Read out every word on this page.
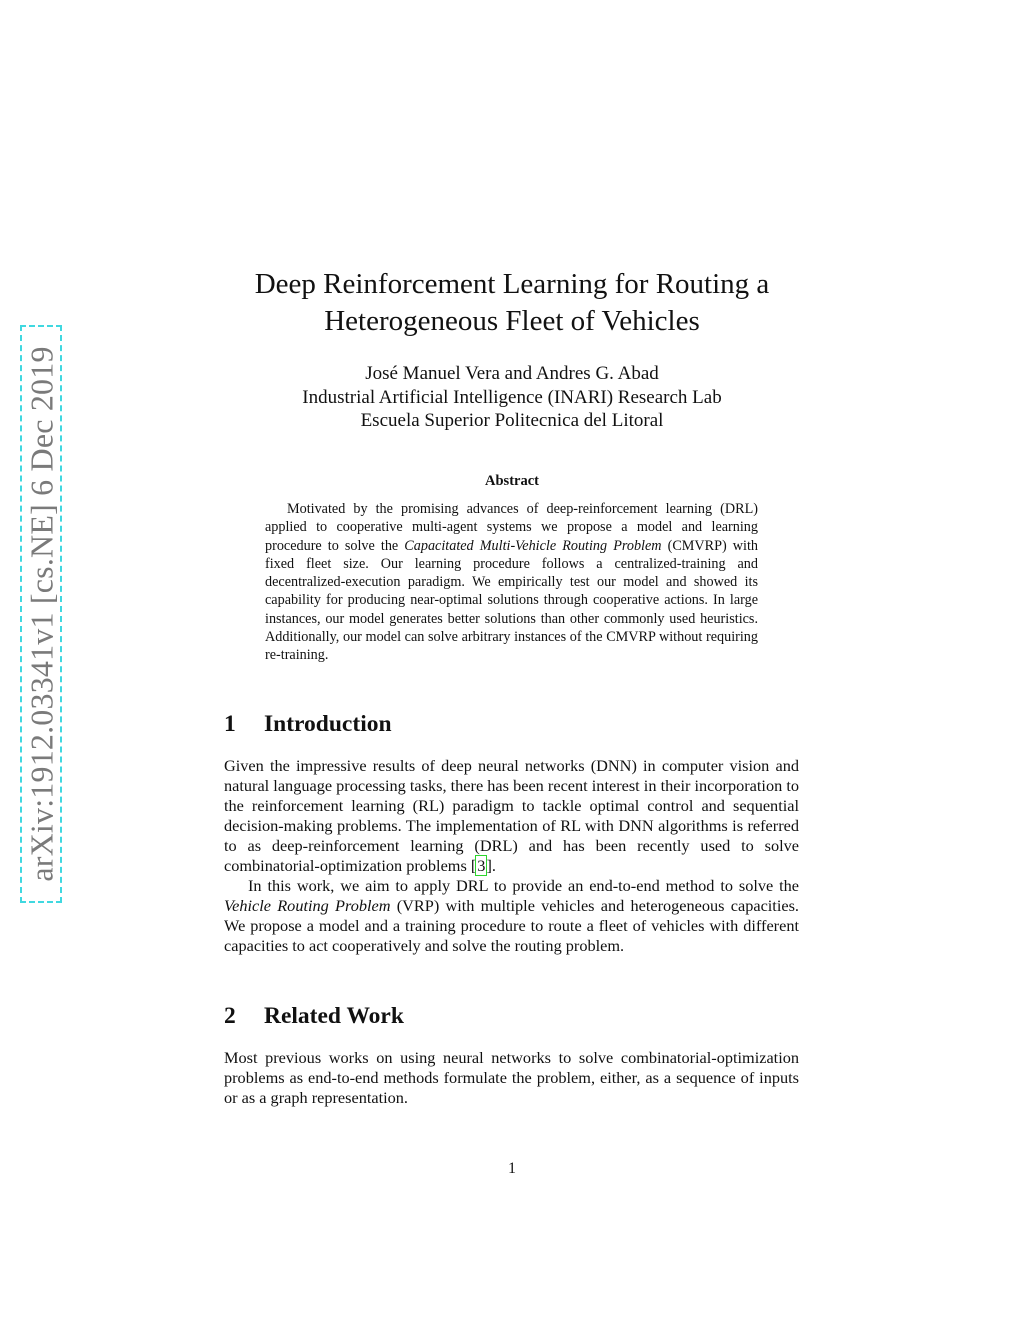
arXiv:1912.03341v1 [cs.NE] 6 Dec 2019
Deep Reinforcement Learning for Routing a
Heterogeneous Fleet of Vehicles
José Manuel Vera and Andres G. Abad
Industrial Artificial Intelligence (INARI) Research Lab
Escuela Superior Politecnica del Litoral
Abstract

Motivated by the promising advances of deep-reinforcement learning (DRL) applied to cooperative multi-agent systems we propose a model and learning procedure to solve the Capacitated Multi-Vehicle Routing Problem (CMVRP) with fixed fleet size. Our learning procedure follows a centralized-training and decentralized-execution paradigm. We empirically test our model and showed its capability for producing near-optimal solutions through cooperative actions. In large instances, our model generates better solutions than other commonly used heuristics. Additionally, our model can solve arbitrary instances of the CMVRP without requiring re-training.

1	Introduction

Given the impressive results of deep neural networks (DNN) in computer vision and natural language processing tasks, there has been recent interest in their incorporation to the reinforcement learning (RL) paradigm to tackle optimal control and sequential decision-making problems. The implementation of RL with DNN algorithms is referred to as deep-reinforcement learning (DRL) and has been recently used to solve combinatorial-optimization problems [3].

In this work, we aim to apply DRL to provide an end-to-end method to solve the Vehicle Routing Problem (VRP) with multiple vehicles and heterogeneous capacities. We propose a model and a training procedure to route a fleet of vehicles with different capacities to act cooperatively and solve the routing problem.

2	Related Work

Most previous works on using neural networks to solve combinatorial-optimization problems as end-to-end methods formulate the problem, either, as a sequence of inputs or as a graph representation.

1
